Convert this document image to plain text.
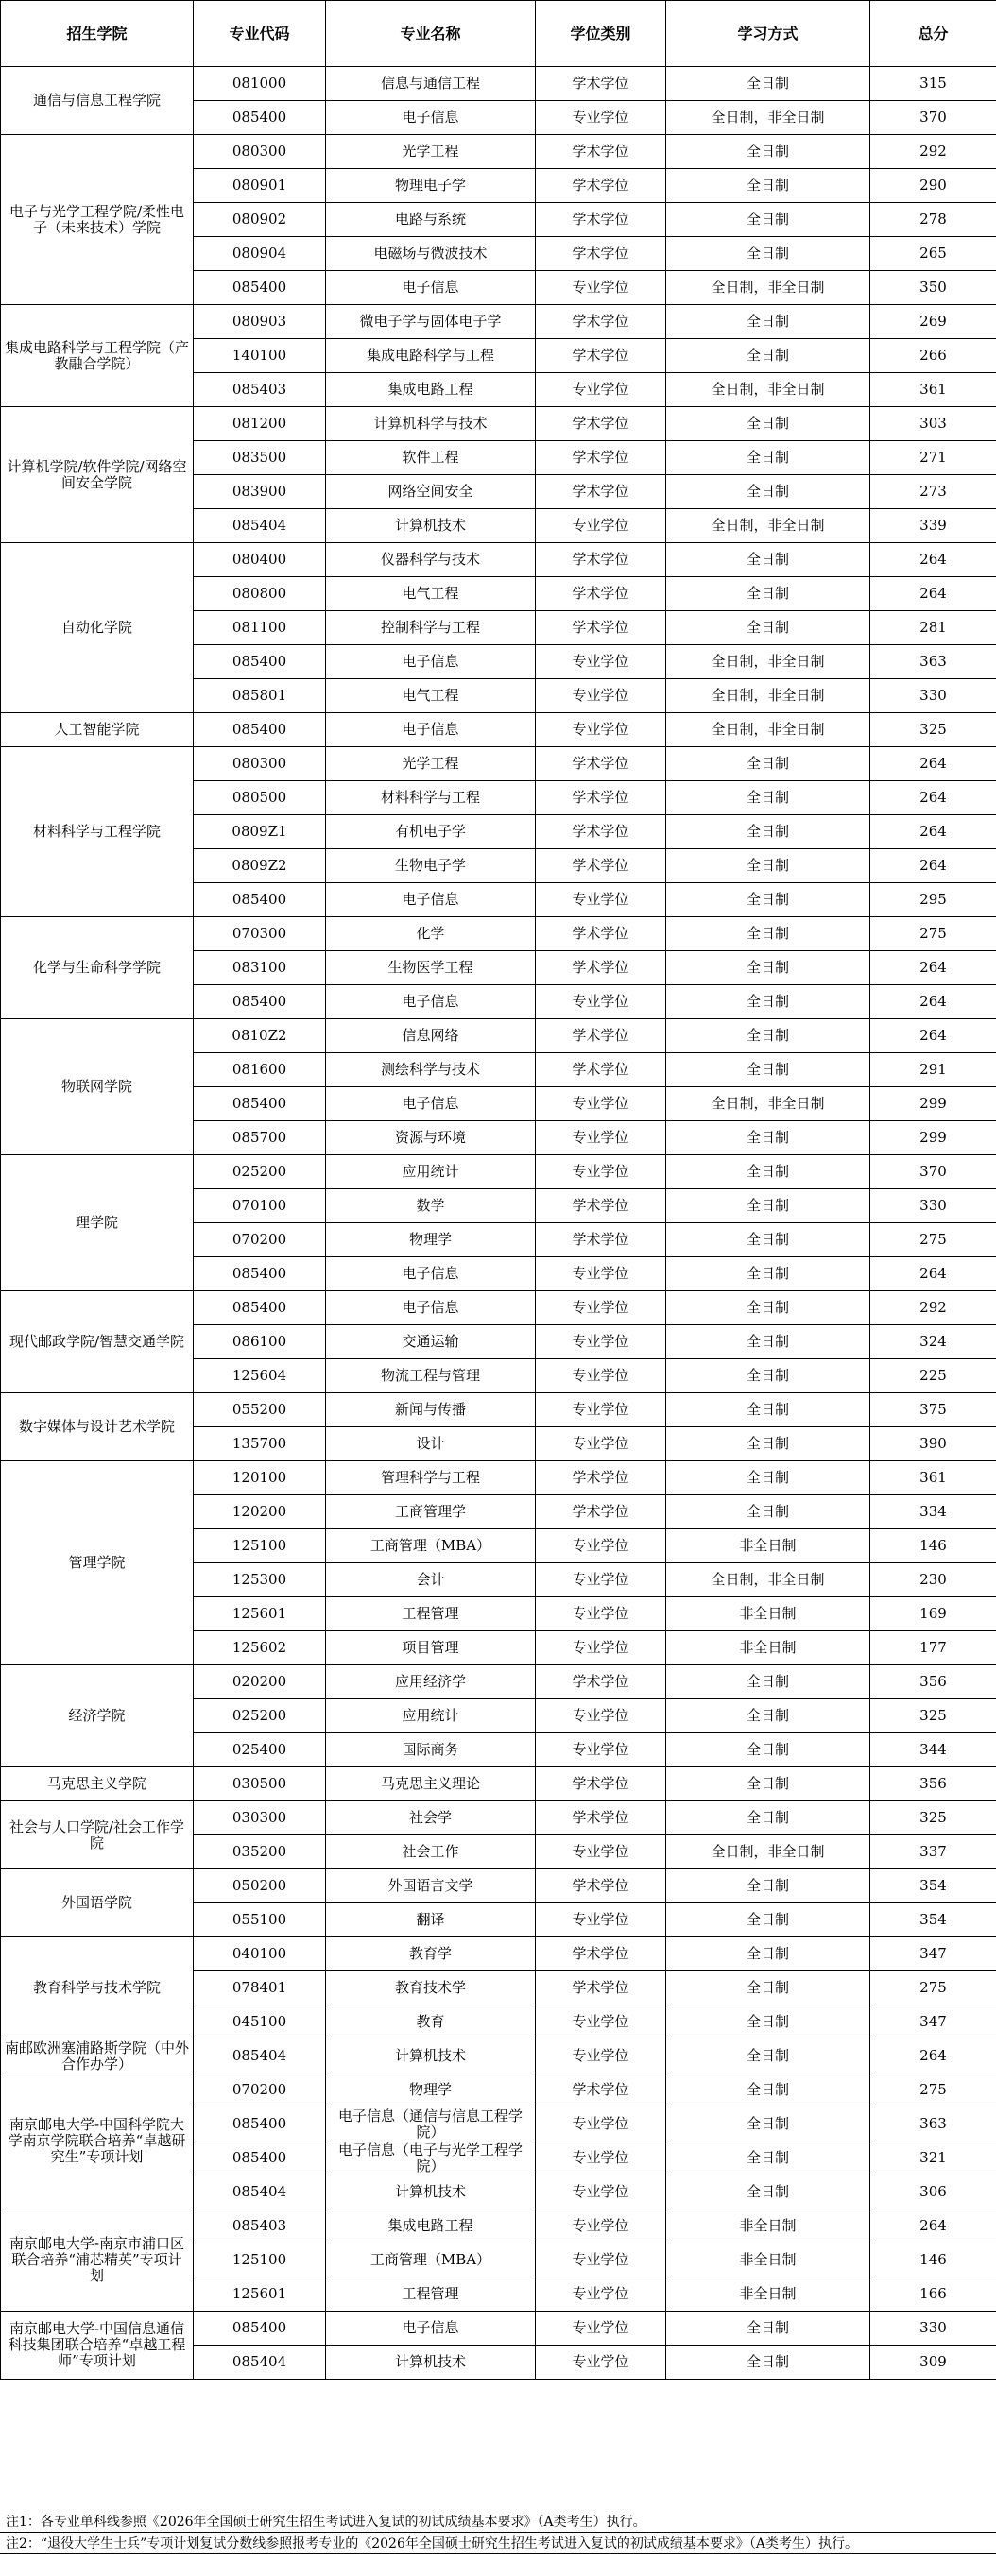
招生学院	专业代码	专业名称	学位类别	学习方式	总分
通信与信息工程学院	081000	信息与通信工程	学术学位	全日制	315
	085400	电子信息	专业学位	全日制，非全日制	370
电子与光学工程学院/柔性电子（未来技术）学院	080300	光学工程	学术学位	全日制	292
	080901	物理电子学	学术学位	全日制	290
	080902	电路与系统	学术学位	全日制	278
	080904	电磁场与微波技术	学术学位	全日制	265
	085400	电子信息	专业学位	全日制，非全日制	350
集成电路科学与工程学院（产教融合学院）	080903	微电子学与固体电子学	学术学位	全日制	269
	140100	集成电路科学与工程	学术学位	全日制	266
	085403	集成电路工程	专业学位	全日制，非全日制	361
计算机学院/软件学院/网络空间安全学院	081200	计算机科学与技术	学术学位	全日制	303
	083500	软件工程	学术学位	全日制	271
	083900	网络空间安全	学术学位	全日制	273
	085404	计算机技术	专业学位	全日制，非全日制	339
自动化学院	080400	仪器科学与技术	学术学位	全日制	264
	080800	电气工程	学术学位	全日制	264
	081100	控制科学与工程	学术学位	全日制	281
	085400	电子信息	专业学位	全日制，非全日制	363
	085801	电气工程	专业学位	全日制，非全日制	330
人工智能学院	085400	电子信息	专业学位	全日制，非全日制	325
材料科学与工程学院	080300	光学工程	学术学位	全日制	264
	080500	材料科学与工程	学术学位	全日制	264
	0809Z1	有机电子学	学术学位	全日制	264
	0809Z2	生物电子学	学术学位	全日制	264
	085400	电子信息	专业学位	全日制	295
化学与生命科学学院	070300	化学	学术学位	全日制	275
	083100	生物医学工程	学术学位	全日制	264
	085400	电子信息	专业学位	全日制	264
物联网学院	0810Z2	信息网络	学术学位	全日制	264
	081600	测绘科学与技术	学术学位	全日制	291
	085400	电子信息	专业学位	全日制，非全日制	299
	085700	资源与环境	专业学位	全日制	299
理学院	025200	应用统计	专业学位	全日制	370
	070100	数学	学术学位	全日制	330
	070200	物理学	学术学位	全日制	275
	085400	电子信息	专业学位	全日制	264
现代邮政学院/智慧交通学院	085400	电子信息	专业学位	全日制	292
	086100	交通运输	专业学位	全日制	324
	125604	物流工程与管理	专业学位	全日制	225
数字媒体与设计艺术学院	055200	新闻与传播	专业学位	全日制	375
	135700	设计	专业学位	全日制	390
管理学院	120100	管理科学与工程	学术学位	全日制	361
	120200	工商管理学	学术学位	全日制	334
	125100	工商管理（MBA）	专业学位	非全日制	146
	125300	会计	专业学位	全日制，非全日制	230
	125601	工程管理	专业学位	非全日制	169
	125602	项目管理	专业学位	非全日制	177
经济学院	020200	应用经济学	学术学位	全日制	356
	025200	应用统计	专业学位	全日制	325
	025400	国际商务	专业学位	全日制	344
马克思主义学院	030500	马克思主义理论	学术学位	全日制	356
社会与人口学院/社会工作学院	030300	社会学	学术学位	全日制	325
	035200	社会工作	专业学位	全日制，非全日制	337
外国语学院	050200	外国语言文学	学术学位	全日制	354
	055100	翻译	专业学位	全日制	354
教育科学与技术学院	040100	教育学	学术学位	全日制	347
	078401	教育技术学	学术学位	全日制	275
	045100	教育	专业学位	全日制	347
南邮欧洲塞浦路斯学院（中外合作办学）	085404	计算机技术	专业学位	全日制	264
南京邮电大学-中国科学院大学南京学院联合培养“卓越研究生”专项计划	070200	物理学	学术学位	全日制	275
	085400	电子信息（通信与信息工程学院）	专业学位	全日制	363
	085400	电子信息（电子与光学工程学院）	专业学位	全日制	321
	085404	计算机技术	专业学位	全日制	306
南京邮电大学-南京市浦口区联合培养“浦芯精英”专项计划	085403	集成电路工程	专业学位	非全日制	264
	125100	工商管理（MBA）	专业学位	非全日制	146
	125601	工程管理	专业学位	非全日制	166
南京邮电大学-中国信息通信科技集团联合培养“卓越工程师”专项计划	085400	电子信息	专业学位	全日制	330
	085404	计算机技术	专业学位	全日制	309
注1：各专业单科线参照《2026年全国硕士研究生招生考试进入复试的初试成绩基本要求》（A类考生）执行。
注2：“退役大学生士兵”专项计划复试分数线参照报考专业的《2026年全国硕士研究生招生考试进入复试的初试成绩基本要求》（A类考生）执行。
